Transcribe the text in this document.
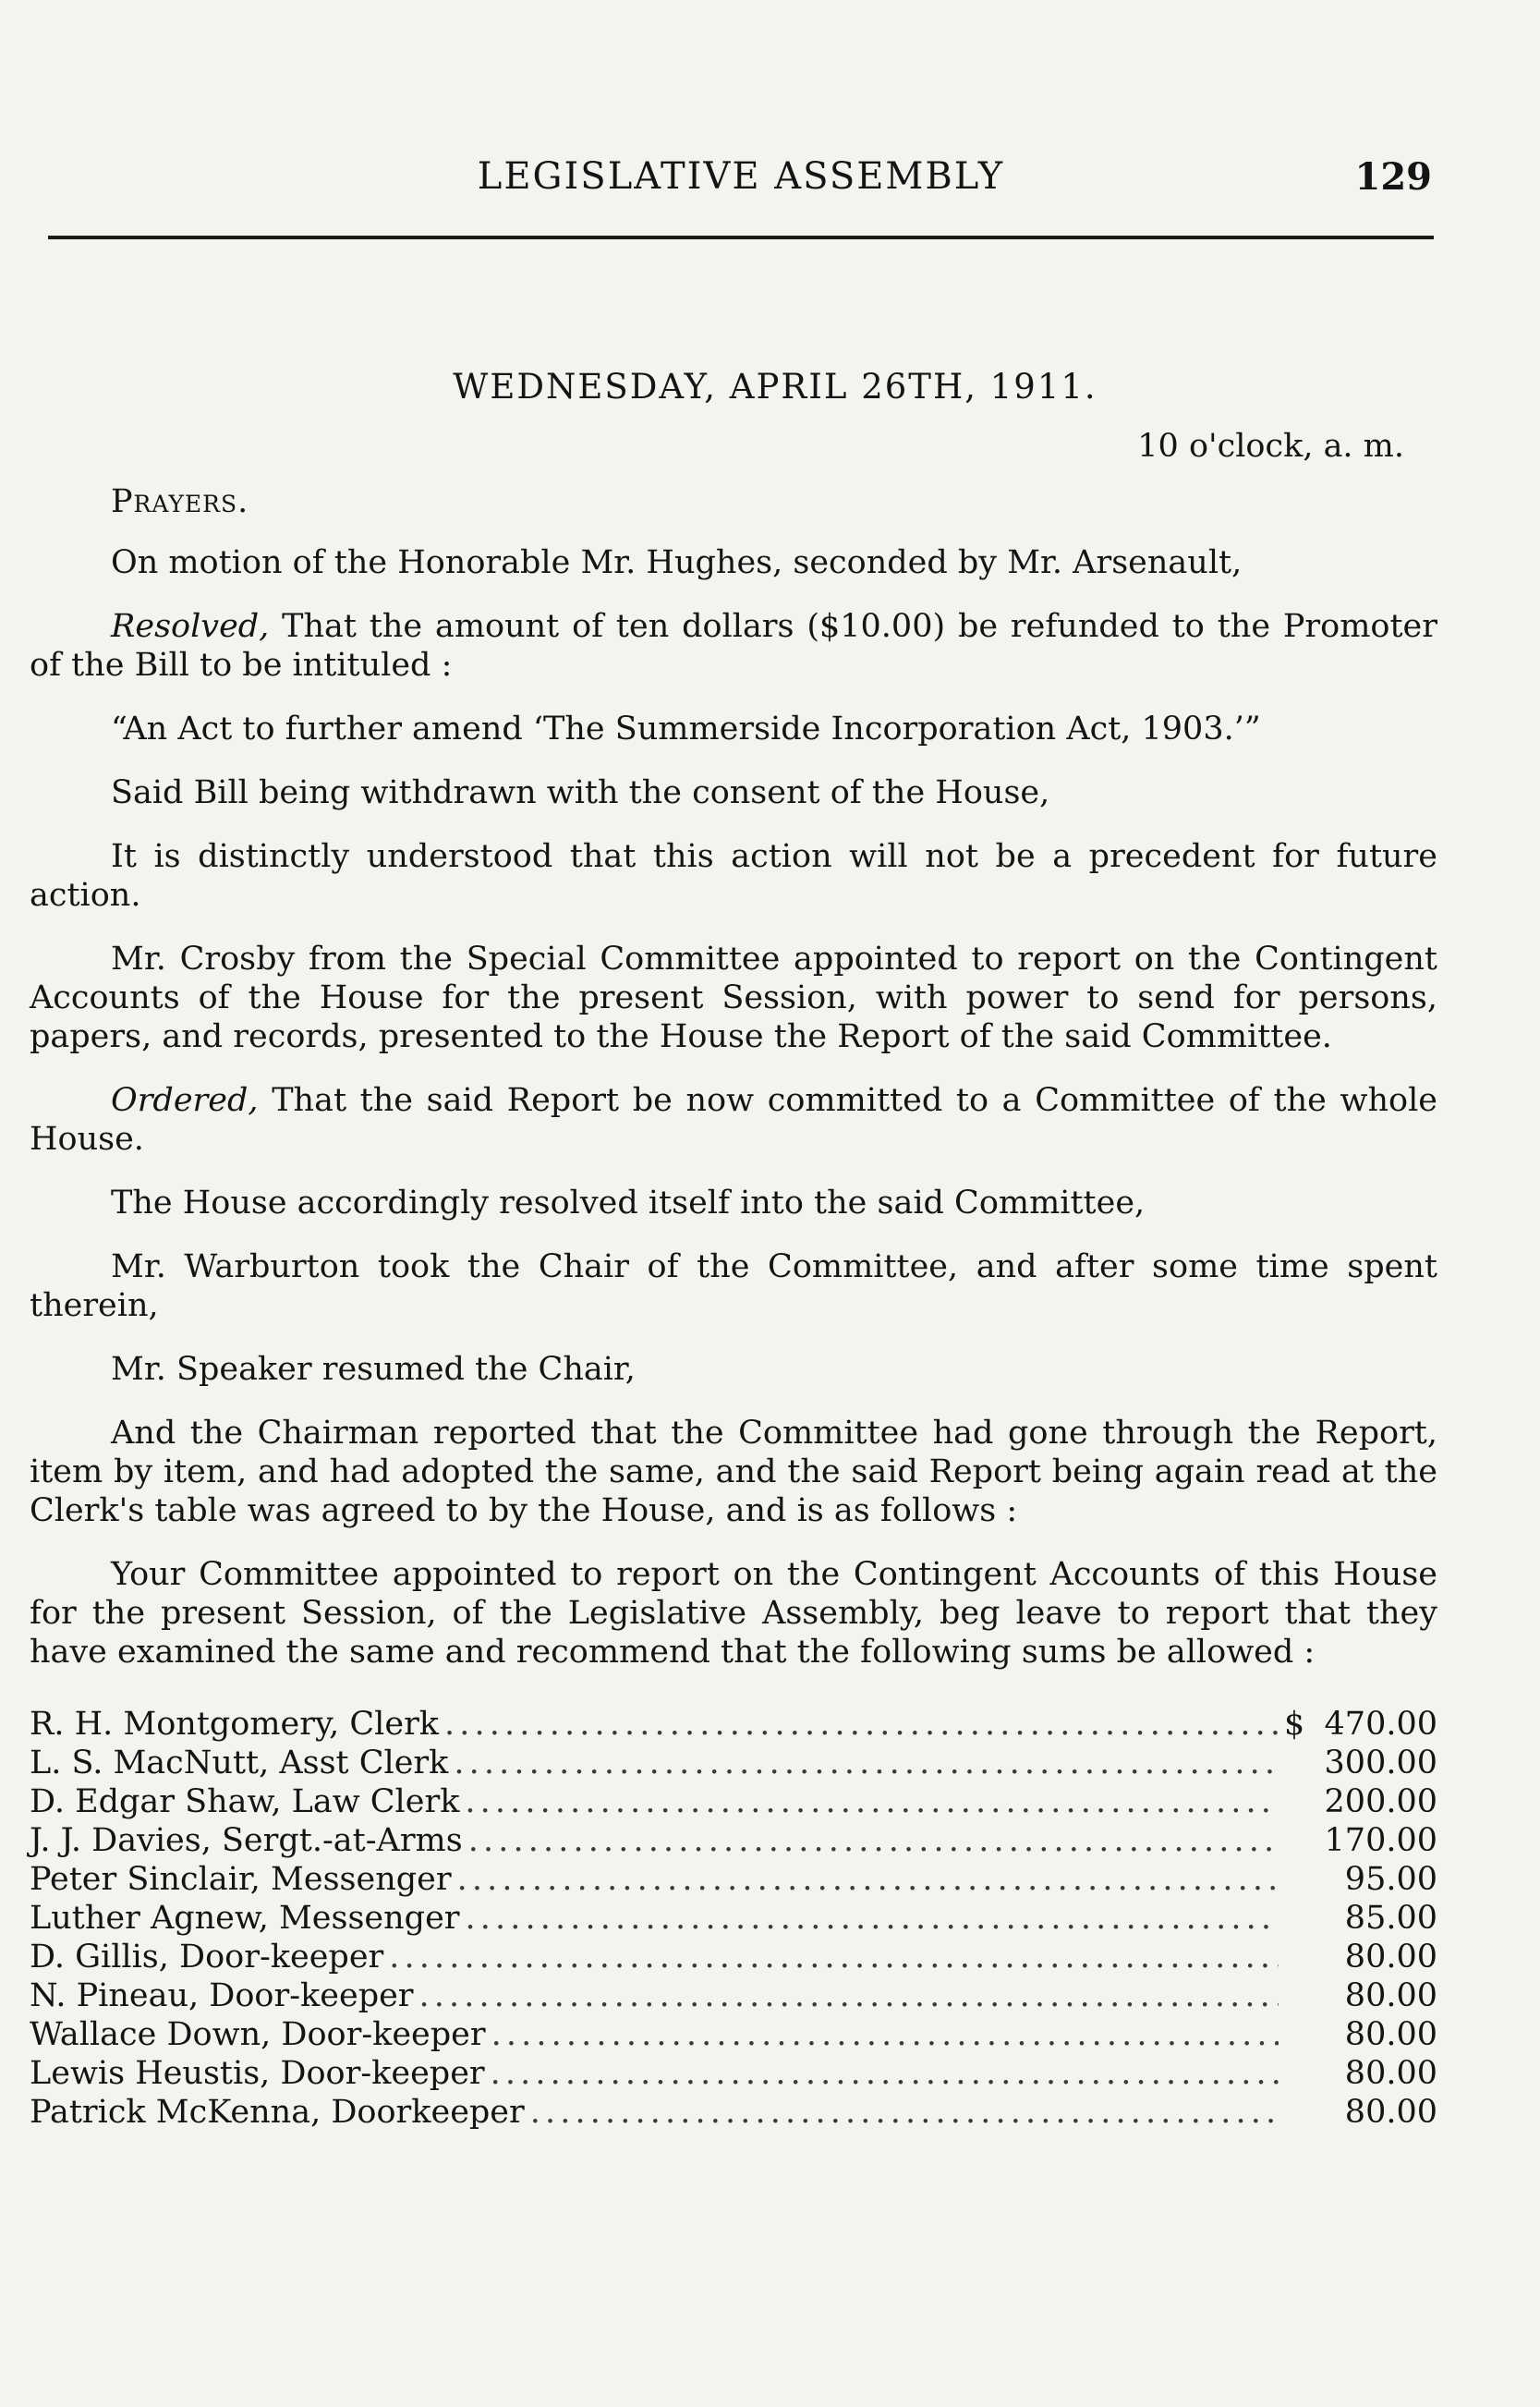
LEGISLATIVE ASSEMBLY	129
WEDNESDAY, APRIL 26TH, 1911.
10 o'clock, a. m.
Prayers.

On motion of the Honorable Mr. Hughes, seconded by Mr. Arsenault,

Resolved, That the amount of ten dollars ($10.00) be refunded to the Promoter of the Bill to be intituled :

“An Act to further amend ‘The Summerside Incorporation Act, 1903.’”

Said Bill being withdrawn with the consent of the House,

It is distinctly understood that this action will not be a precedent for future action.

Mr. Crosby from the Special Committee appointed to report on the Contingent Accounts of the House for the present Session, with power to send for persons, papers, and records, presented to the House the Report of the said Committee.

Ordered, That the said Report be now committed to a Committee of the whole House.

The House accordingly resolved itself into the said Committee,

Mr. Warburton took the Chair of the Committee, and after some time spent therein,

Mr. Speaker resumed the Chair,

And the Chairman reported that the Committee had gone through the Report, item by item, and had adopted the same, and the said Report being again read at the Clerk's table was agreed to by the House, and is as follows :

Your Committee appointed to report on the Contingent Accounts of this House for the present Session, of the Legislative Assembly, beg leave to report that they have examined the same and recommend that the following sums be allowed :

R. H. Montgomery, Clerk . . .	$ 470.00
L. S. MacNutt, Asst Clerk . . .	300.00
D. Edgar Shaw, Law Clerk . . .	200.00
J. J. Davies, Sergt.-at-Arms . . .	170.00
Peter Sinclair, Messenger . . .	95.00
Luther Agnew, Messenger . . .	85.00
D. Gillis, Door-keeper . . .	80.00
N. Pineau, Door-keeper . . .	80.00
Wallace Down, Door-keeper . . .	80.00
Lewis Heustis, Door-keeper . . .	80.00
Patrick McKenna, Doorkeeper . . .	80.00
